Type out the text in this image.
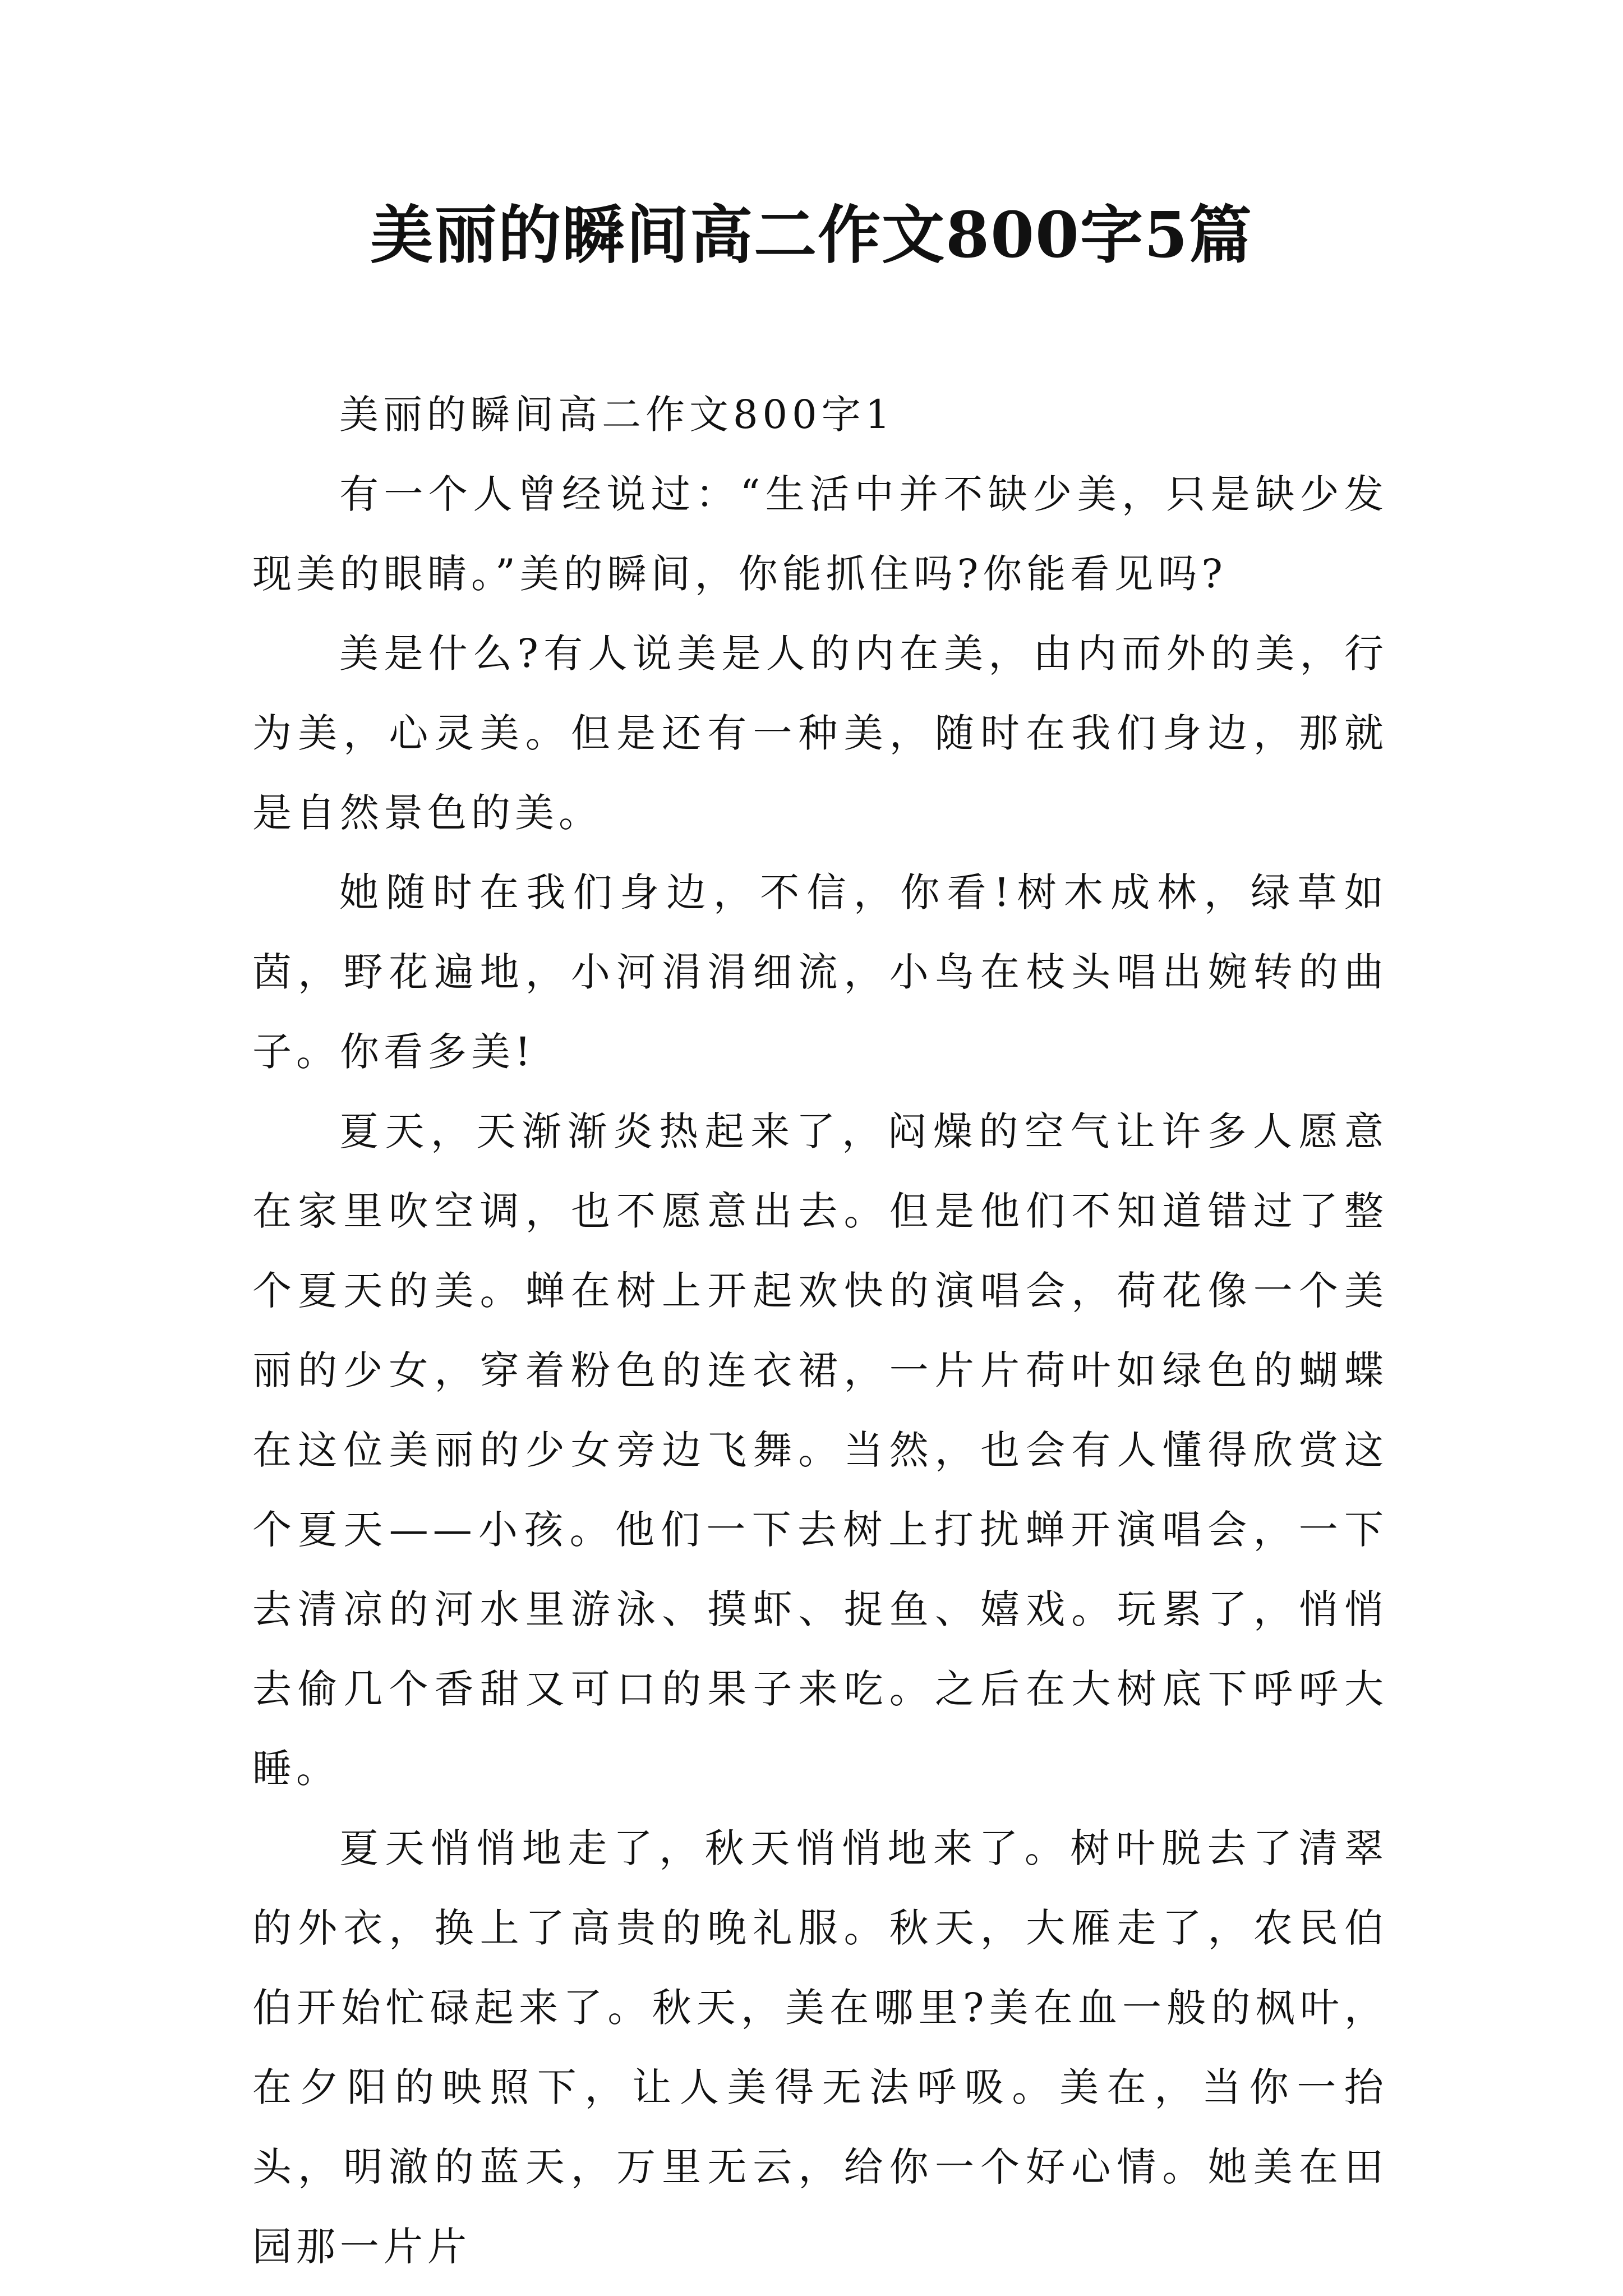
美丽的瞬间高二作文800字5篇

美丽的瞬间高二作文800字1

有一个人曾经说过：“生活中并不缺少美，只是缺少发现美的眼睛。”美的瞬间，你能抓住吗?你能看见吗?

美是什么?有人说美是人的内在美，由内而外的美，行为美，心灵美。但是还有一种美，随时在我们身边，那就是自然景色的美。

她随时在我们身边，不信，你看!树木成林，绿草如茵，野花遍地，小河涓涓细流，小鸟在枝头唱出婉转的曲子。你看多美!

夏天，天渐渐炎热起来了，闷燥的空气让许多人愿意在家里吹空调，也不愿意出去。但是他们不知道错过了整个夏天的美。蝉在树上开起欢快的演唱会，荷花像一个美丽的少女，穿着粉色的连衣裙，一片片荷叶如绿色的蝴蝶在这位美丽的少女旁边飞舞。当然，也会有人懂得欣赏这个夏天——小孩。他们一下去树上打扰蝉开演唱会，一下去清凉的河水里游泳、摸虾、捉鱼、嬉戏。玩累了，悄悄去偷几个香甜又可口的果子来吃。之后在大树底下呼呼大睡。

夏天悄悄地走了，秋天悄悄地来了。树叶脱去了清翠的外衣，换上了高贵的晚礼服。秋天，大雁走了，农民伯伯开始忙碌起来了。秋天，美在哪里?美在血一般的枫叶，在夕阳的映照下，让人美得无法呼吸。美在，当你一抬头，明澈的蓝天，万里无云，给你一个好心情。她美在田园那一片片
